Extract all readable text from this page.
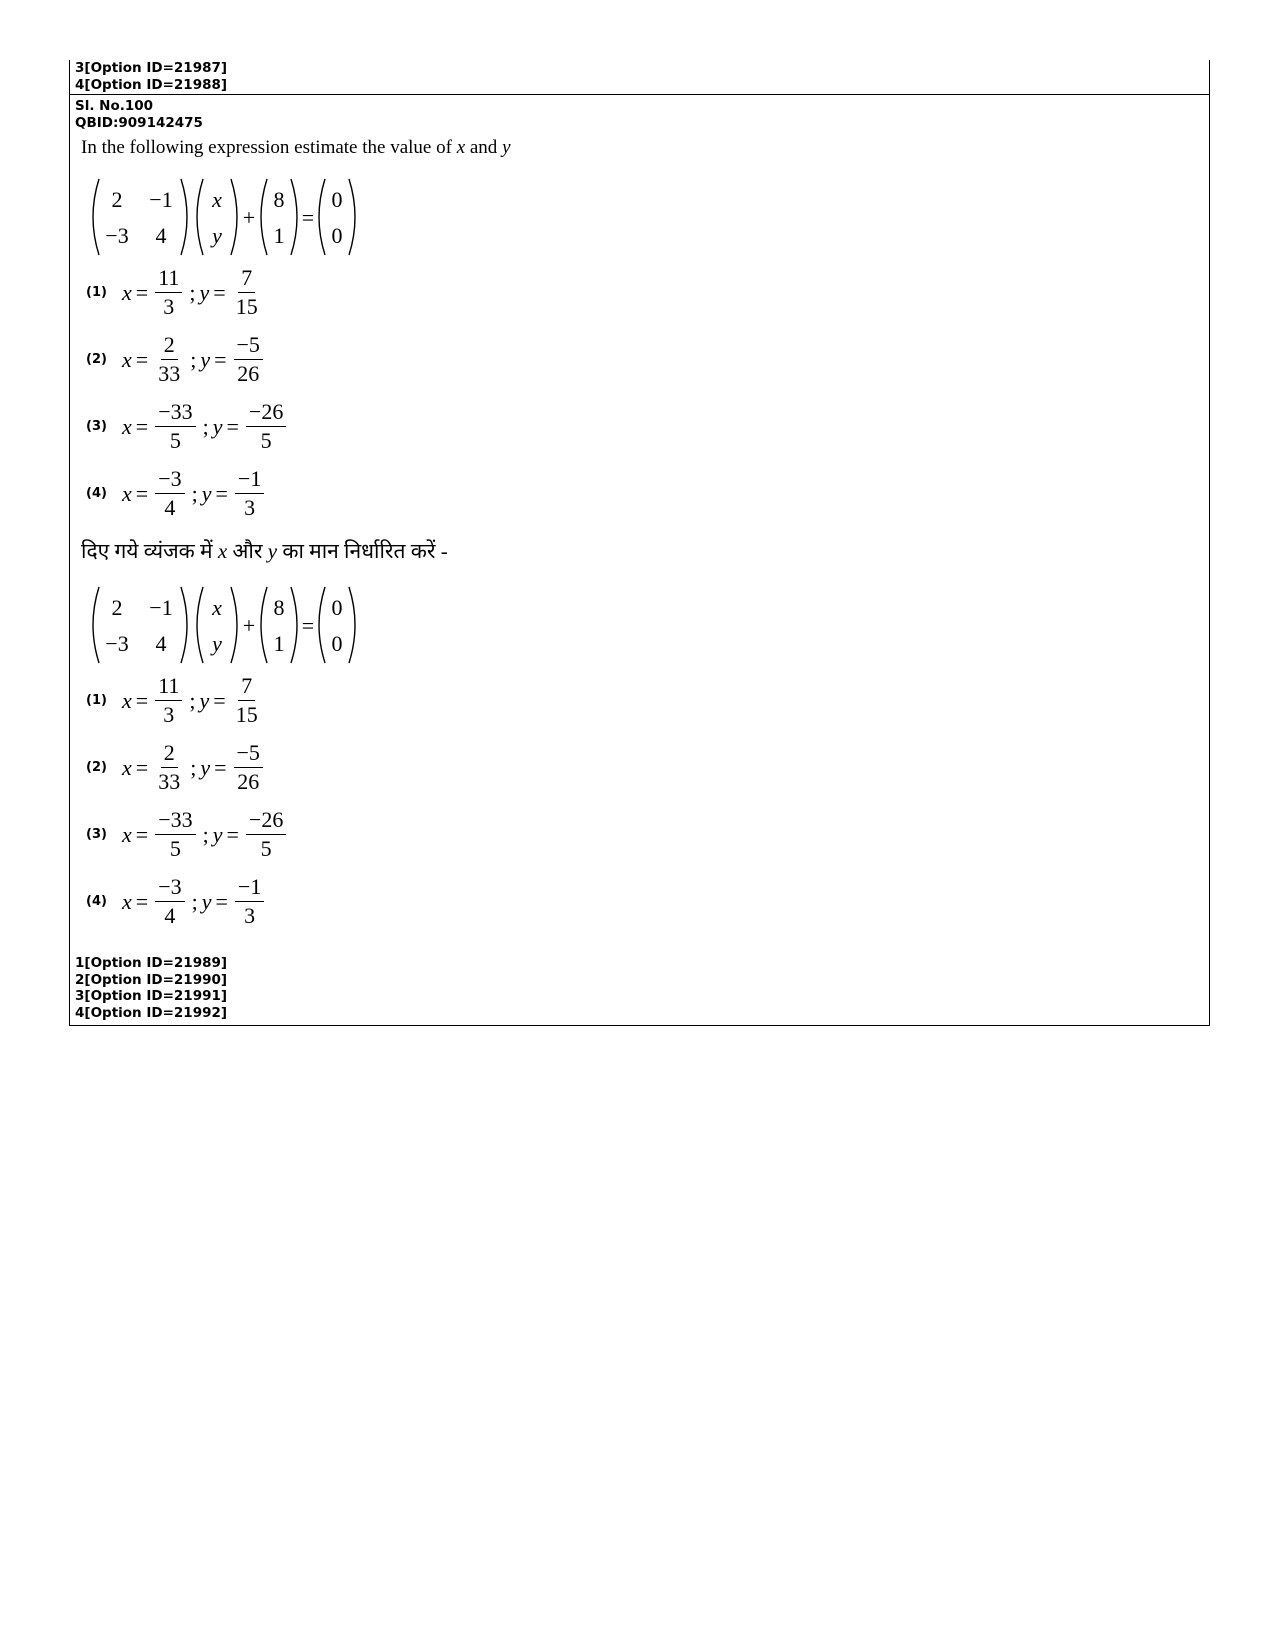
3[Option ID=21987]
4[Option ID=21988]
Sl. No.100
QBID:909142475
In the following expression estimate the value of x and y
2 −1
−3 4
x
y
+
8
1
=
0
0
(1) $x = \frac{11}{3}$ ; $y = \frac{7}{15}$
(2) $x = \frac{2}{33}$ ; $y = \frac{-5}{26}$
(3) $x = \frac{-33}{5}$ ; $y = \frac{-26}{5}$
(4) $x = \frac{-3}{4}$ ; $y = \frac{-1}{3}$
दिए गये व्यंजक में x और y का मान निर्धारित करें -
2 −1
−3 4
x
y
+
8
1
=
0
0
(1) $x = \frac{11}{3}$ ; $y = \frac{7}{15}$
(2) $x = \frac{2}{33}$ ; $y = \frac{-5}{26}$
(3) $x = \frac{-33}{5}$ ; $y = \frac{-26}{5}$
(4) $x = \frac{-3}{4}$ ; $y = \frac{-1}{3}$
1[Option ID=21989]
2[Option ID=21990]
3[Option ID=21991]
4[Option ID=21992]
